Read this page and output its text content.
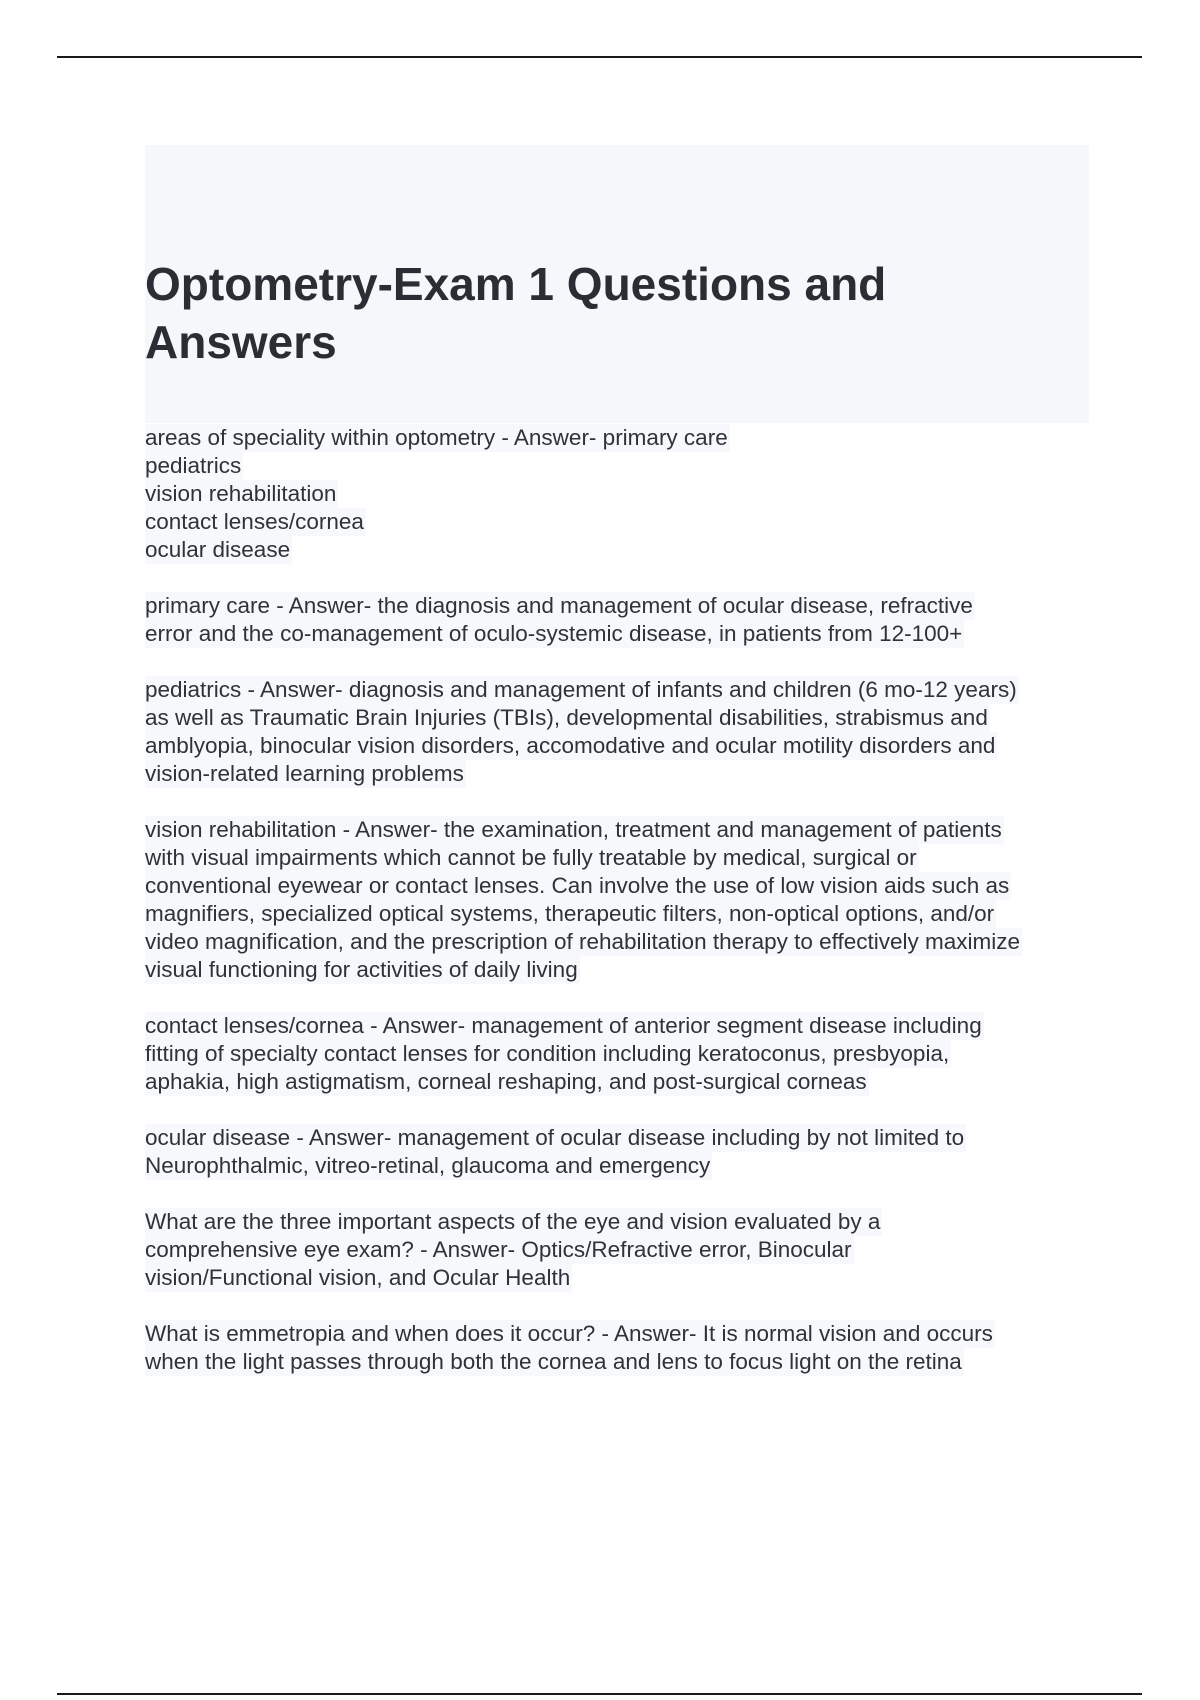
Optometry-Exam 1 Questions and
Answers
areas of speciality within optometry - Answer- primary care
pediatrics
vision rehabilitation
contact lenses/cornea
ocular disease

primary care - Answer- the diagnosis and management of ocular disease, refractive
error and the co-management of oculo-systemic disease, in patients from 12-100+

pediatrics - Answer- diagnosis and management of infants and children (6 mo-12 years)
as well as Traumatic Brain Injuries (TBIs), developmental disabilities, strabismus and
amblyopia, binocular vision disorders, accomodative and ocular motility disorders and
vision-related learning problems

vision rehabilitation - Answer- the examination, treatment and management of patients
with visual impairments which cannot be fully treatable by medical, surgical or
conventional eyewear or contact lenses. Can involve the use of low vision aids such as
magnifiers, specialized optical systems, therapeutic filters, non-optical options, and/or
video magnification, and the prescription of rehabilitation therapy to effectively maximize
visual functioning for activities of daily living

contact lenses/cornea - Answer- management of anterior segment disease including
fitting of specialty contact lenses for condition including keratoconus, presbyopia,
aphakia, high astigmatism, corneal reshaping, and post-surgical corneas

ocular disease - Answer- management of ocular disease including by not limited to
Neurophthalmic, vitreo-retinal, glaucoma and emergency

What are the three important aspects of the eye and vision evaluated by a
comprehensive eye exam? - Answer- Optics/Refractive error, Binocular
vision/Functional vision, and Ocular Health

What is emmetropia and when does it occur? - Answer- It is normal vision and occurs
when the light passes through both the cornea and lens to focus light on the retina
